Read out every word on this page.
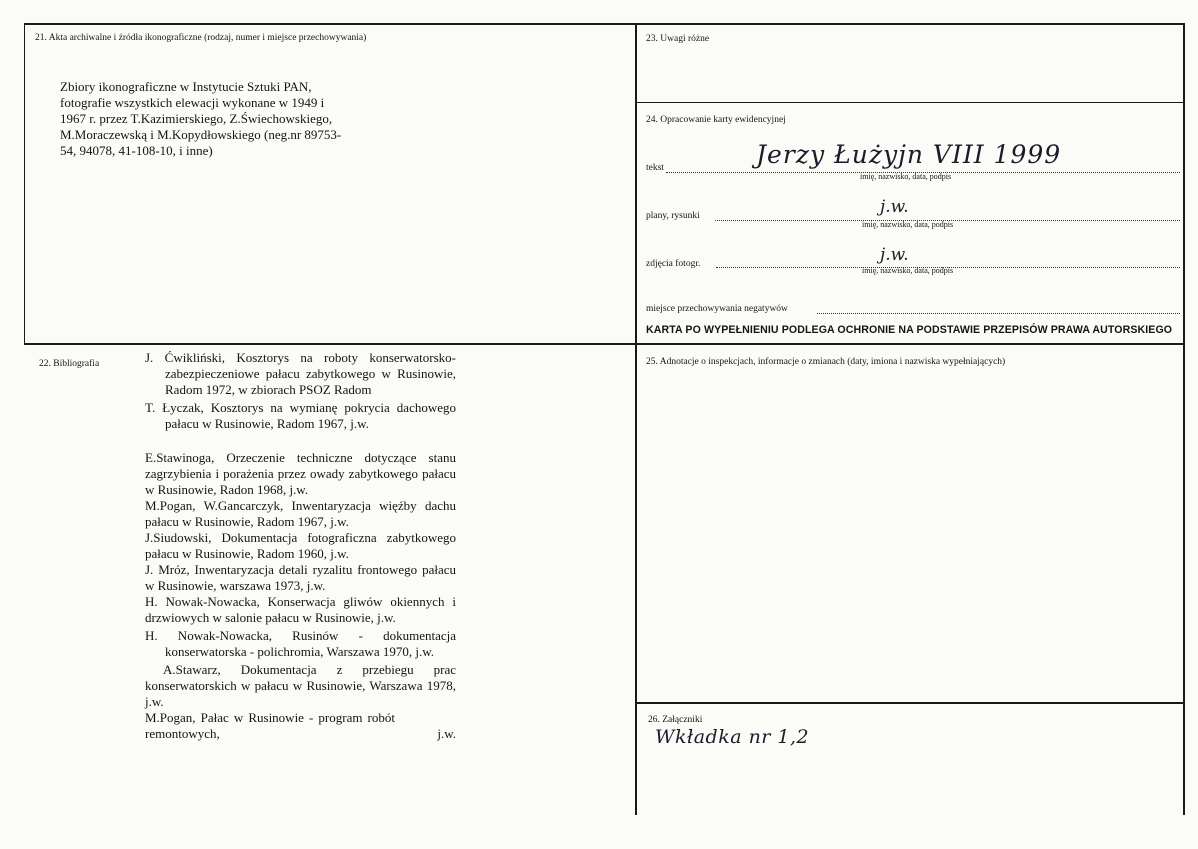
21. Akta archiwalne i źródła ikonograficzne (rodzaj, numer i miejsce przechowywania)
Zbiory ikonograficzne w Instytucie Sztuki PAN,
fotografie wszystkich elewacji wykonane w 1949 i
1967 r. przez T.Kazimierskiego, Z.Świechowskiego,
M.Moraczewską i M.Kopydłowskiego (neg.nr 89753-
54, 94078, 41-108-10, i inne)
22. Bibliografia	J. Ćwikliński, Kosztorys na roboty konserwatorsko-zabezpieczeniowe pałacu zabytkowego w Rusinowie, Radom 1972, w zbiorach PSOZ Radom

T. Łyczak, Kosztorys na wymianę pokrycia dachowego pałacu w Rusinowie, Radom 1967, j.w.

E.Stawinoga, Orzeczenie techniczne dotyczące stanu zagrzybienia i porażenia przez owady zabytkowego pałacu w Rusinowie, Radon 1968, j.w.

M.Pogan, W.Gancarczyk, Inwentaryzacja więźby dachu pałacu w Rusinowie, Radom 1967, j.w.

J.Siudowski, Dokumentacja fotograficzna zabytkowego pałacu w Rusinowie, Radom 1960, j.w.

J. Mróz, Inwentaryzacja detali ryzalitu frontowego pałacu w Rusinowie, warszawa 1973, j.w.

H. Nowak-Nowacka, Konserwacja gliwów okiennych i drzwiowych w salonie pałacu w Rusinowie, j.w.

H. Nowak-Nowacka, Rusinów - dokumentacja konserwatorska - polichromia, Warszawa 1970, j.w.

A.Stawarz, Dokumentacja z przebiegu prac konserwatorskich w pałacu w Rusinowie, Warszawa 1978, j.w.

M.Pogan, Pałac w Rusinowie - program robót remontowych,	j.w.
23. Uwagi różne
24. Opracowanie karty ewidencyjnej
tekst	Jerzy Łużyjn VIII 1999
imię, nazwisko, data, podpis
plany, rysunki	j.w.
imię, nazwisko, data, podpis
zdjęcia fotogr.	j.w.
imię, nazwisko, data, podpis
miejsce przechowywania negatywów
KARTA PO WYPEŁNIENIU PODLEGA OCHRONIE NA PODSTAWIE PRZEPISÓW PRAWA AUTORSKIEGO
25. Adnotacje o inspekcjach, informacje o zmianach (daty, imiona i nazwiska wypełniających)
26. Załączniki
Wkładka nr 1,2
